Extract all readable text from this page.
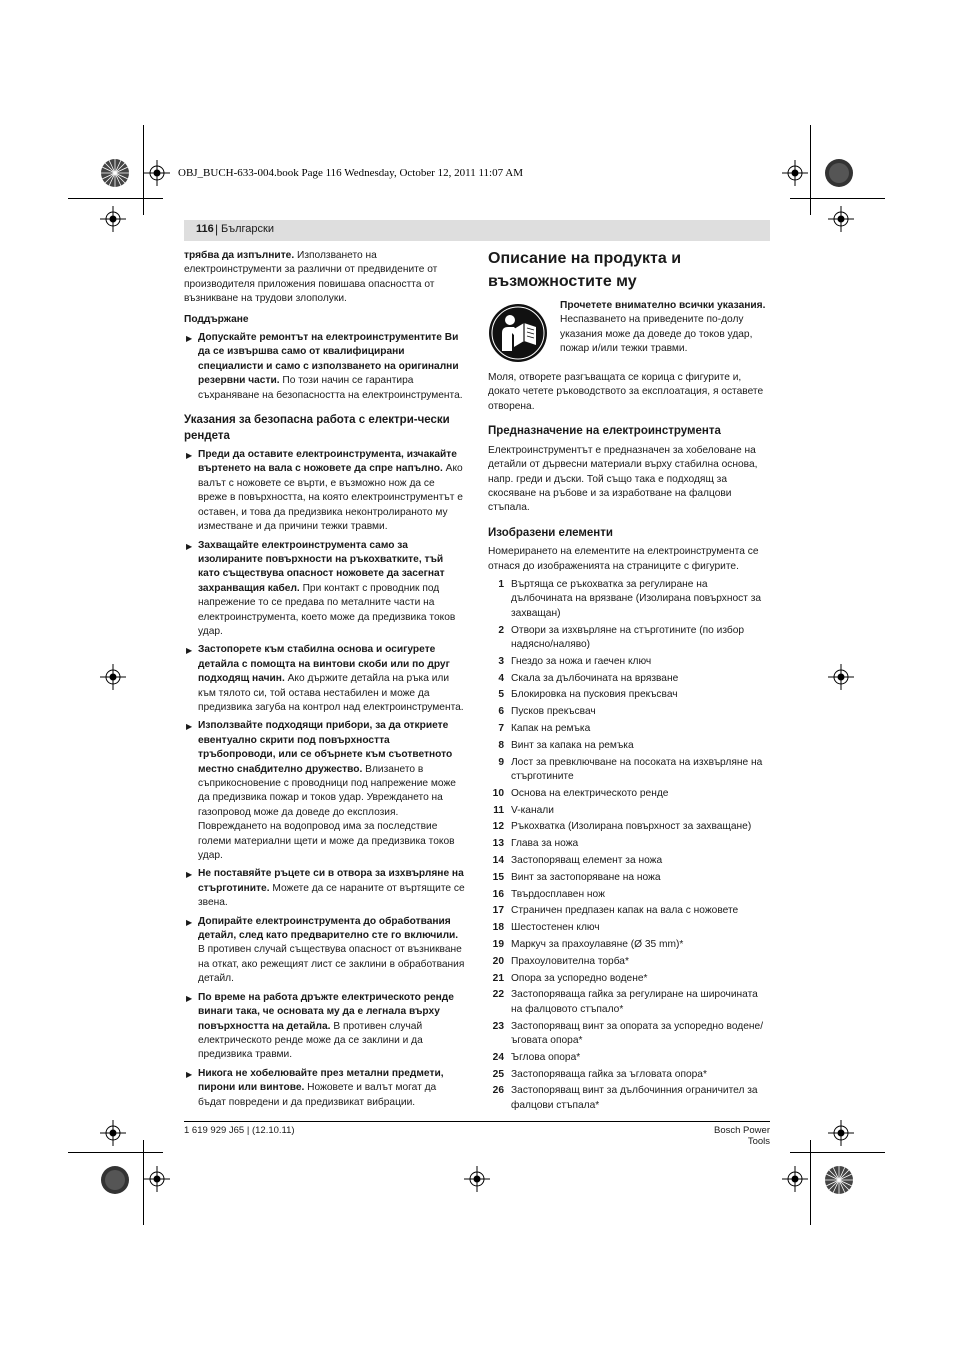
OBJ_BUCH-633-004.book Page 116 Wednesday, October 12, 2011 11:07 AM
116 | Български

трябва да изпълните. Използването на електроинструменти за различни от предвидените от производителя приложения повишава опасността от възникване на трудови злополуки.

Поддържане

▶ Допускайте ремонтът на електроинструментите Ви да се извършва само от квалифицирани специалисти и само с използването на оригинални резервни части. По този начин се гарантира съхраняване на безопасността на електроинструмента.

Указания за безопасна работа с електри-чески рендета

▶ Преди да оставите електроинструмента, изчакайте въртенето на вала с ножовете да спре напълно. Ако валът с ножовете се върти, е възможно нож да се вреже в повърхността, на която електроинструментът е оставен, и това да предизвика неконтролираното му изместване и да причини тежки травми.

▶ Захващайте електроинструмента само за изолираните повърхности на ръкохватките, тъй като съществува опасност ножовете да засегнат захранващия кабел. При контакт с проводник под напрежение то се предава по металните части на електроинструмента, което може да предизвика токов удар.

▶ Застопорете към стабилна основа и осигурете детайла с помощта на винтови скоби или по друг подходящ начин. Ако държите детайла на ръка или към тялото си, той остава нестабилен и може да предизвика загуба на контрол над електроинструмента.

▶ Използвайте подходящи прибори, за да откриете евентуално скрити под повърхността тръбопроводи, или се обърнете към съответното местно снабдително дружество. Влизането в съприкосновение с проводници под напрежение може да предизвика пожар и токов удар. Увреждането на газопровод може да доведе до експлозия. Повреждането на водопровод има за последствие големи материални щети и може да предизвика токов удар.

▶ Не поставяйте ръцете си в отвора за изхвърляне на стърготините. Можете да се нараните от въртящите се звена.

▶ Допирайте електроинструмента до обработвания детайл, след като предварително сте го включили. В противен случай съществува опасност от възникване на откат, ако режещият лист се заклини в обработвания детайл.

▶ По време на работа дръжте електрическото ренде винаги така, че основата му да е легнала върху повърхността на детайла. В противен случай електрическото ренде може да се заклини и да предизвика травми.

▶ Никога не хобелювайте през метални предмети, пирони или винтове. Ножовете и валът могат да бъдат повредени и да предизвикат вибрации.

Описание на продукта и
възможностите му

Прочетете внимателно всички указания. Неспазването на приведените по-долу указания може да доведе до токов удар, пожар и/или тежки травми.

Моля, отворете разгъващата се корица с фигурите и, докато четете ръководството за експлоатация, я оставете отворена.

Предназначение на електроинструмента

Електроинструментът е предназначен за хобеловане на детайли от дървесни материали върху стабилна основа, напр. греди и дъски. Той също така е подходящ за скосяване на ръбове и за изработване на фалцови стъпала.

Изобразени елементи

Номерирането на елементите на електроинструмента се отнася до изображенията на страниците с фигурите.

1 Въртяща се ръкохватка за регулиране на дълбочината на врязване (Изолирана повърхност за захващан)
2 Отвори за изхвърляне на стърготините (по избор надясно/наляво)
3 Гнездо за ножа и гаечен ключ
4 Скала за дълбочината на врязване
5 Блокировка на пусковия прекъсвач
6 Пусков прекъсвач
7 Капак на ремъка
8 Винт за капака на ремъка
9 Лост за превключване на посоката на изхвърляне на стърготините
10 Основа на електрическото ренде
11 V-канали
12 Ръкохватка (Изолирана повърхност за захващане)
13 Глава за ножа
14 Застопоряващ елемент за ножа
15 Винт за застопоряване на ножа
16 Твърдосплавен нож
17 Страничен предпазен капак на вала с ножовете
18 Шестостенен ключ
19 Маркуч за прахоулавяне (Ø 35 mm)*
20 Прахоуловителна торба*
21 Опора за успоредно водене*
22 Застопоряваща гайка за регулиране на широчината на фалцовото стъпало*
23 Застопоряващ винт за опората за успоредно водене/ ъговата опора*
24 Ъглова опора*
25 Застопоряваща гайка за ъгловата опора*
26 Застопоряващ винт за дълбочинния ограничител за фалцови стъпала*
1 619 929 J65 | (12.10.11)	Bosch Power Tools
